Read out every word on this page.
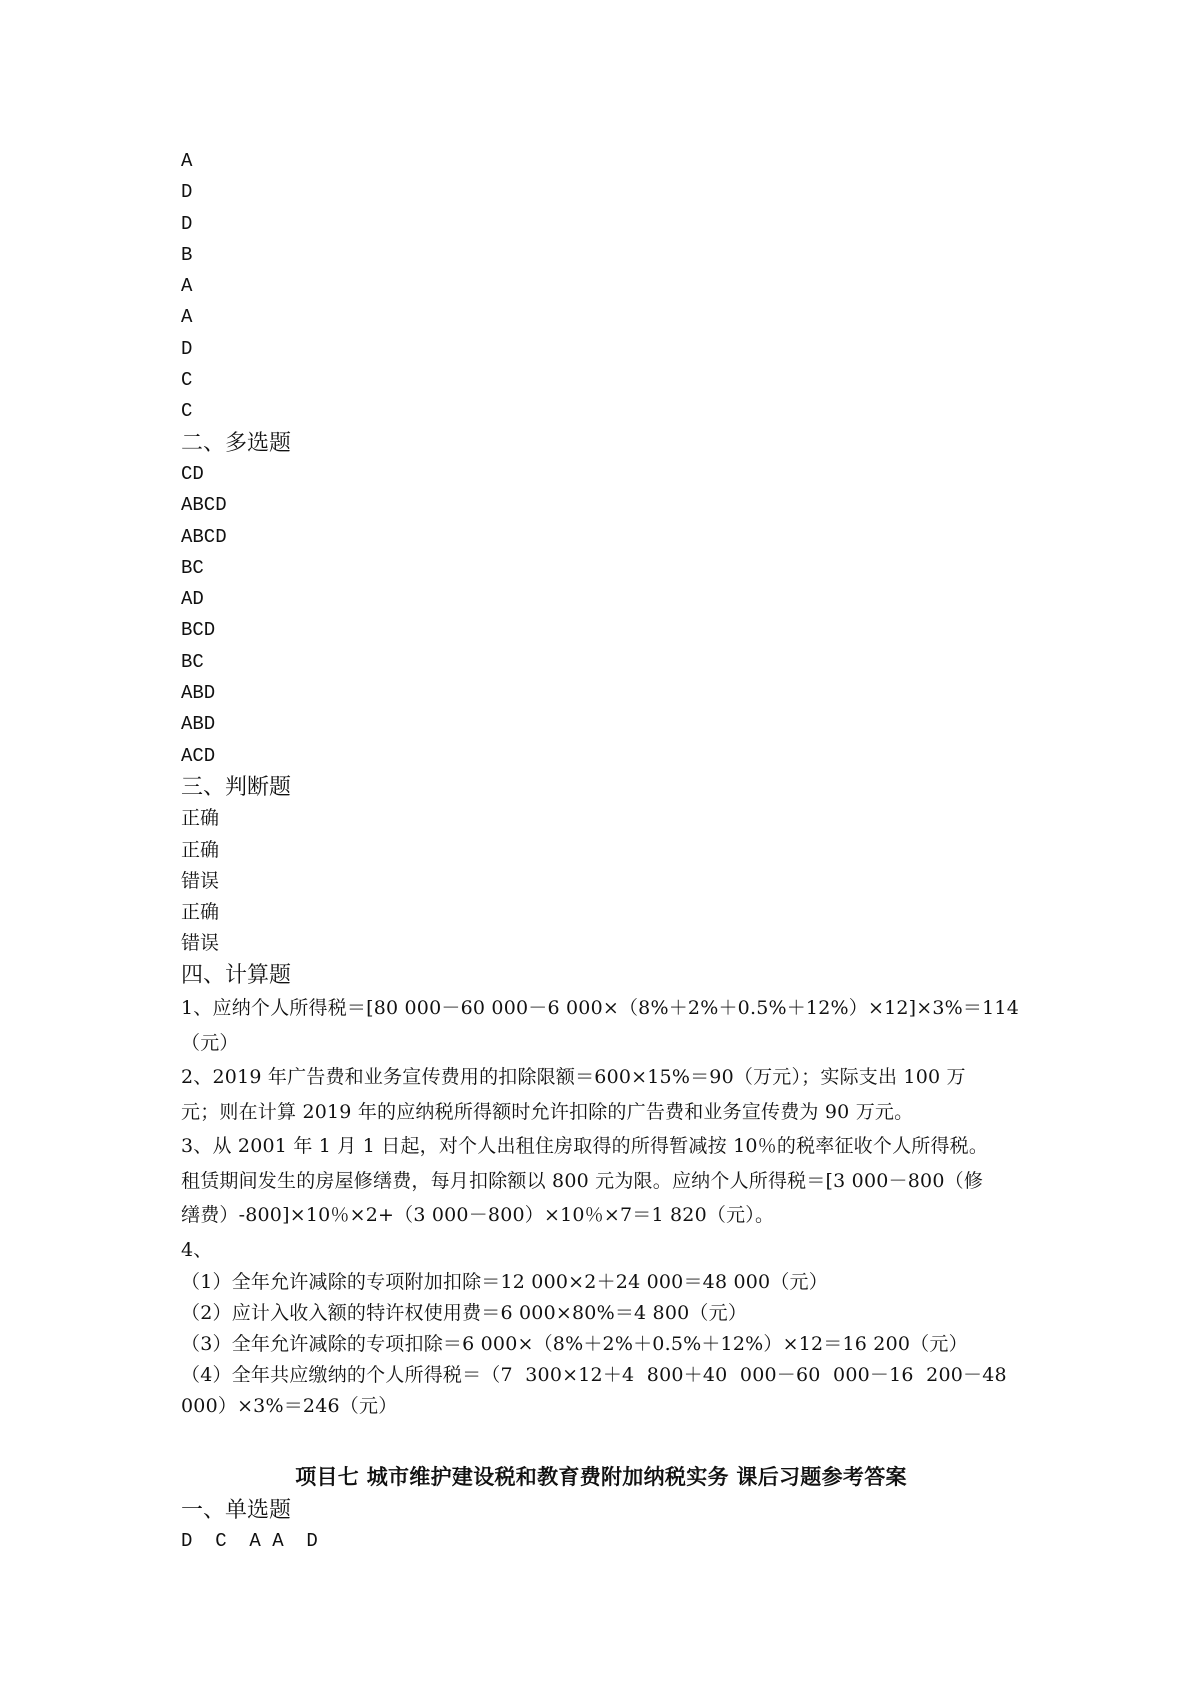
A
D
D
B
A
A
D
C
C
二、多选题
CD
ABCD
ABCD
BC
AD
BCD
BC
ABD
ABD
ACD
三、判断题
正确
正确
错误
正确
错误
四、计算题
1、应纳个人所得税＝[80 000－60 000－6 000×（8%＋2%＋0.5%＋12%）×12]×3%＝114
（元）
2、2019 年广告费和业务宣传费用的扣除限额＝600×15%＝90（万元）；实际支出 100 万
元；则在计算 2019 年的应纳税所得额时允许扣除的广告费和业务宣传费为 90 万元。
3、从 2001 年 1 月 1 日起，对个人出租住房取得的所得暂减按 10％的税率征收个人所得税。
租赁期间发生的房屋修缮费，每月扣除额以 800 元为限。应纳个人所得税＝[3 000－800（修
缮费）-800]×10％×2+（3 000－800）×10％×7＝1 820（元）。
4、
（1）全年允许减除的专项附加扣除＝12 000×2＋24 000＝48 000（元）
（2）应计入收入额的特许权使用费＝6 000×80%＝4 800（元）
（3）全年允许减除的专项扣除＝6 000×（8%＋2%＋0.5%＋12%）×12＝16 200（元）
（4）全年共应缴纳的个人所得税＝（7  300×12＋4  800＋40  000－60  000－16  200－48
000）×3%＝246（元）
项目七 城市维护建设税和教育费附加纳税实务 课后习题参考答案
一、单选题
D  C  A A  D
